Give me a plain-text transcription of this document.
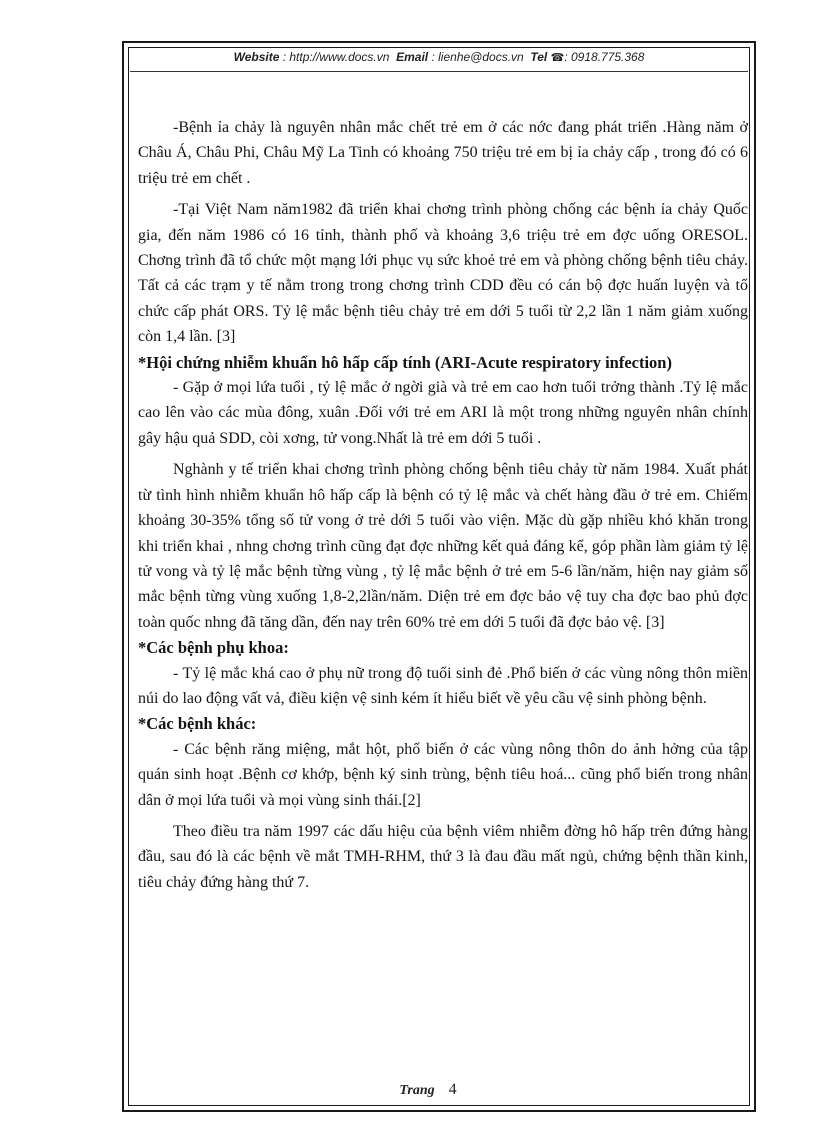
Website : http://www.docs.vn Email : lienhe@docs.vn Tel ☎: 0918.775.368

-Bệnh ỉa chảy là nguyên nhân mắc chết trẻ em ở các nớc đang phát triển .Hàng năm ở Châu Á, Châu Phi, Châu Mỹ La Tinh có khoảng 750 triệu trẻ em bị ỉa chảy cấp , trong đó có 6 triệu trẻ em chết .

-Tại Việt Nam năm1982 đã triển khai chơng trình phòng chống các bệnh ỉa chảy Quốc gia, đến năm 1986 có 16 tỉnh, thành phố và khoảng 3,6 triệu trẻ em đợc uống ORESOL. Chơng trình đã tổ chức một mạng lới phục vụ sức khoẻ trẻ em và phòng chống bệnh tiêu chảy. Tất cả các trạm y tế nằm trong trong chơng trình CDD đều có cán bộ đợc huấn luyện và tổ chức cấp phát ORS. Tỷ lệ mắc bệnh tiêu chảy trẻ em dới 5 tuổi từ 2,2 lần 1 năm giảm xuống còn 1,4 lần. [3]

*Hội chứng nhiễm khuẩn hô hấp cấp tính (ARI-Acute respiratory infection)

- Gặp ở mọi lứa tuổi , tỷ lệ mắc ở ngời già và trẻ em cao hơn tuổi trởng thành .Tỷ lệ mắc cao lên vào các mùa đông, xuân .Đối với trẻ em ARI là một trong những nguyên nhân chính gây hậu quả SDD, còi xơng, tử vong.Nhất là trẻ em dới 5 tuổi .

Nghành y tế triển khai chơng trình phòng chống bệnh tiêu chảy từ năm 1984. Xuất phát từ tình hình nhiễm khuẩn hô hấp cấp là bệnh có tỷ lệ mắc và chết hàng đầu ở trẻ em. Chiếm khoảng 30-35% tổng số tử vong ở trẻ dới 5 tuổi vào viện. Mặc dù gặp nhiều khó khăn trong khi triển khai , nhng chơng trình cũng đạt đợc những kết quả đáng kể, góp phần làm giảm tỷ lệ tử vong và tỷ lệ mắc bệnh từng vùng , tỷ lệ mắc bệnh ở trẻ em 5-6 lần/năm, hiện nay giảm số mắc bệnh từng vùng xuống 1,8-2,2lần/năm. Diện trẻ em đợc bảo vệ tuy cha đợc bao phủ đợc toàn quốc nhng đã tăng dần, đến nay trên 60% trẻ em dới 5 tuổi đã đợc bảo vệ. [3]

*Các bệnh phụ khoa:

- Tỷ lệ mắc khá cao ở phụ nữ trong độ tuổi sinh đẻ .Phổ biến ở các vùng nông thôn miền núi do lao động vất vả, điều kiện vệ sinh kém ít hiểu biết về yêu cầu vệ sinh phòng bệnh.

*Các bệnh khác:

- Các bệnh răng miệng, mắt hột, phổ biến ở các vùng nông thôn do ảnh hởng của tập quán sinh hoạt .Bệnh cơ khớp, bệnh ký sinh trùng, bệnh tiêu hoá... cũng phổ biến trong nhân dân ở mọi lứa tuổi và mọi vùng sinh thái.[2]

Theo điều tra năm 1997 các dấu hiệu của bệnh viêm nhiễm đờng hô hấp trên đứng hàng đầu, sau đó là các bệnh về mắt TMH-RHM, thứ 3 là đau đầu mất ngủ, chứng bệnh thần kinh, tiêu chảy đứng hàng thứ 7.

Trang 4
